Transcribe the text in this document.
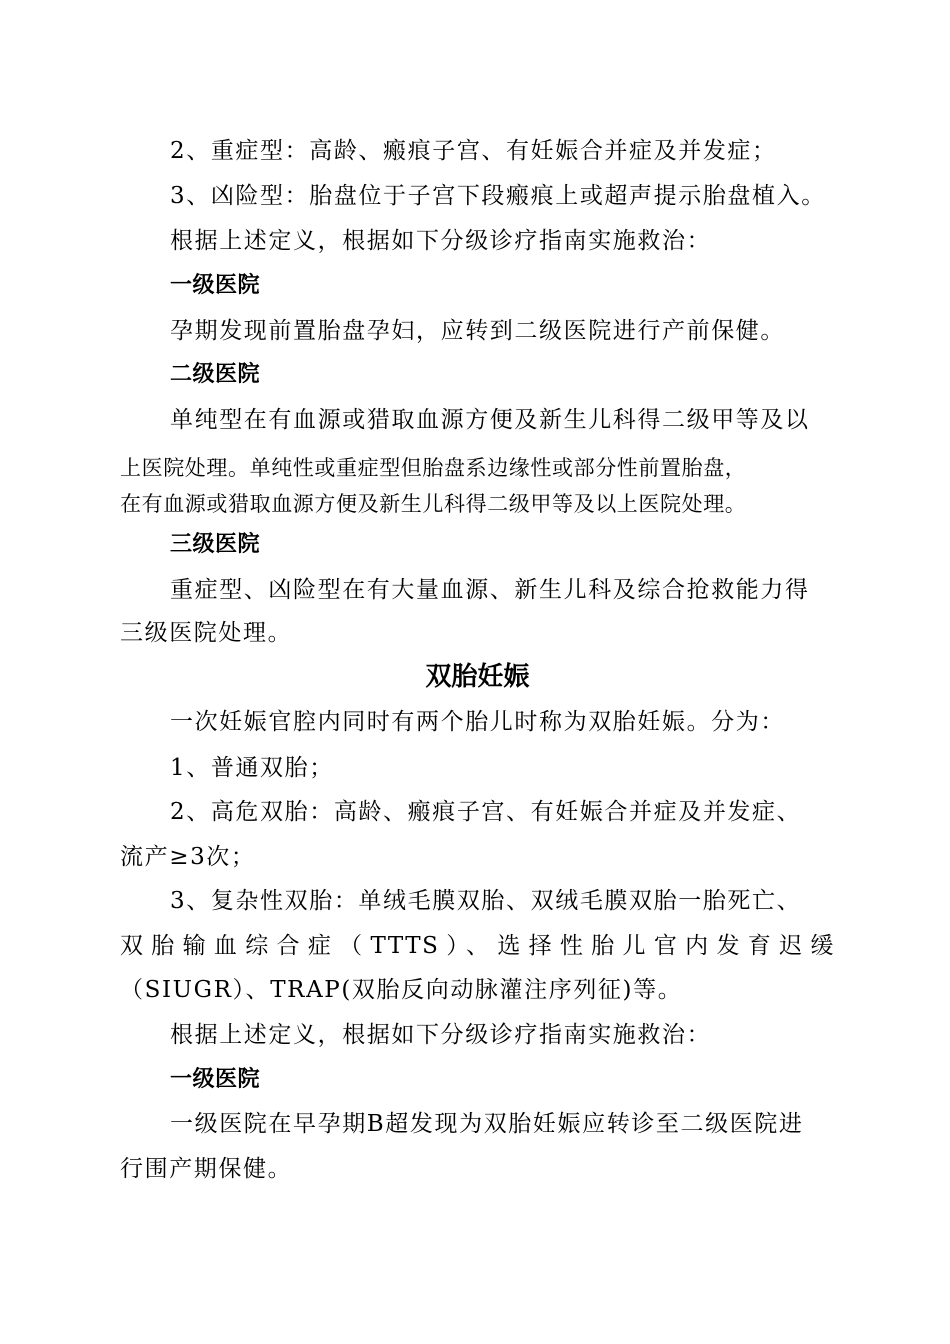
2、重症型：高龄、瘢痕子宫、有妊娠合并症及并发症；
3、凶险型：胎盘位于子宫下段瘢痕上或超声提示胎盘植入。
根据上述定义，根据如下分级诊疗指南实施救治：
一级医院
孕期发现前置胎盘孕妇，应转到二级医院进行产前保健。
二级医院
单纯型在有血源或猎取血源方便及新生儿科得二级甲等及以
上医院处理。单纯性或重症型但胎盘系边缘性或部分性前置胎盘，
在有血源或猎取血源方便及新生儿科得二级甲等及以上医院处理。
三级医院
重症型、凶险型在有大量血源、新生儿科及综合抢救能力得
三级医院处理。
双胎妊娠
一次妊娠官腔内同时有两个胎儿时称为双胎妊娠。分为：
1、普通双胎；
2、高危双胎：高龄、瘢痕子宫、有妊娠合并症及并发症、
流产≥3次；
3、复杂性双胎：单绒毛膜双胎、双绒毛膜双胎一胎死亡、
双胎输血综合症（TTTS）、选择性胎儿官内发育迟缓
（SIUGR）、TRAP(双胎反向动脉灌注序列征)等。
根据上述定义，根据如下分级诊疗指南实施救治：
一级医院
一级医院在早孕期B超发现为双胎妊娠应转诊至二级医院进
行围产期保健。
